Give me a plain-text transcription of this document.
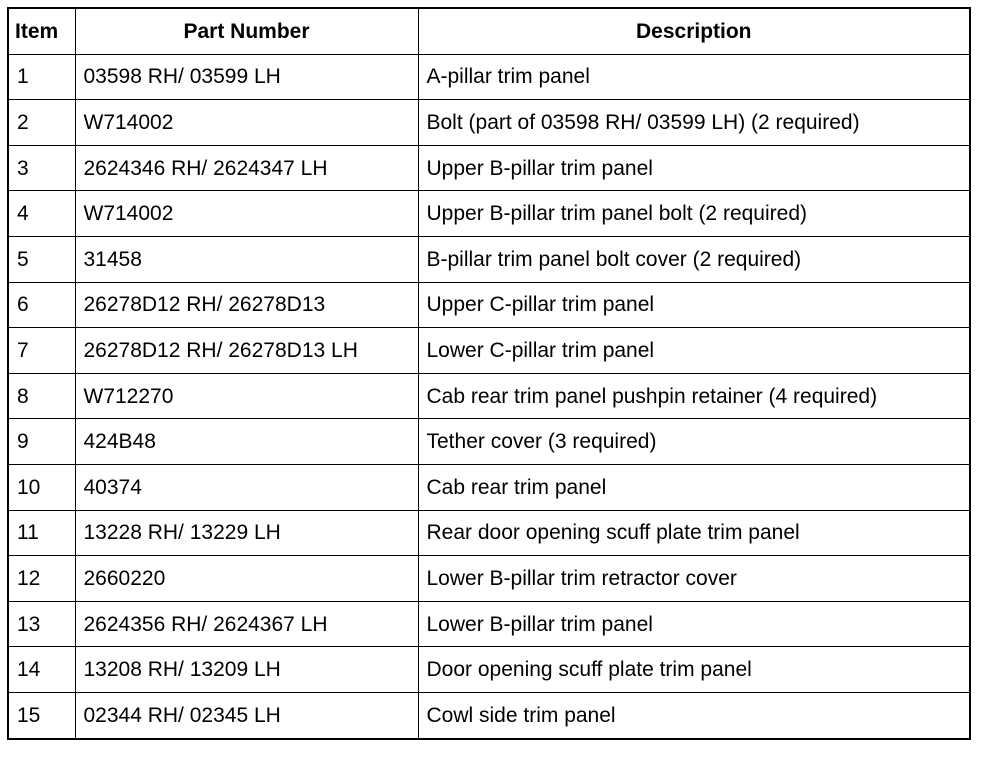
Item	Part Number	Description
1	03598 RH/ 03599 LH	A-pillar trim panel
2	W714002	Bolt (part of 03598 RH/ 03599 LH) (2 required)
3	2624346 RH/ 2624347 LH	Upper B-pillar trim panel
4	W714002	Upper B-pillar trim panel bolt (2 required)
5	31458	B-pillar trim panel bolt cover (2 required)
6	26278D12 RH/ 26278D13	Upper C-pillar trim panel
7	26278D12 RH/ 26278D13 LH	Lower C-pillar trim panel
8	W712270	Cab rear trim panel pushpin retainer (4 required)
9	424B48	Tether cover (3 required)
10	40374	Cab rear trim panel
11	13228 RH/ 13229 LH	Rear door opening scuff plate trim panel
12	2660220	Lower B-pillar trim retractor cover
13	2624356 RH/ 2624367 LH	Lower B-pillar trim panel
14	13208 RH/ 13209 LH	Door opening scuff plate trim panel
15	02344 RH/ 02345 LH	Cowl side trim panel
